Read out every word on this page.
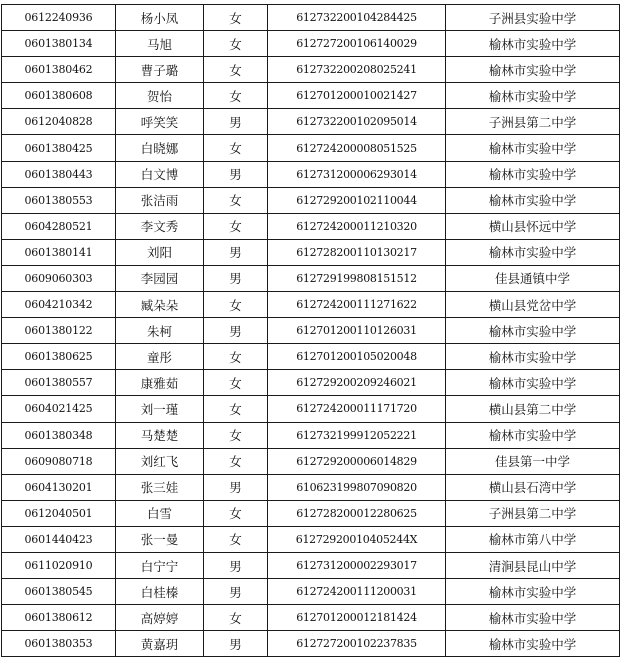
0612240936	杨小凤	女	612732200104284425	子洲县实验中学
0601380134	马旭	女	612727200106140029	榆林市实验中学
0601380462	曹子璐	女	612732200208025241	榆林市实验中学
0601380608	贺怡	女	612701200010021427	榆林市实验中学
0612040828	呼笑笑	男	612732200102095014	子洲县第二中学
0601380425	白晓娜	女	612724200008051525	榆林市实验中学
0601380443	白文博	男	612731200006293014	榆林市实验中学
0601380553	张洁雨	女	612729200102110044	榆林市实验中学
0604280521	李文秀	女	612724200011210320	横山县怀远中学
0601380141	刘阳	男	612728200110130217	榆林市实验中学
0609060303	李园园	男	612729199808151512	佳县通镇中学
0604210342	臧朵朵	女	612724200111271622	横山县党岔中学
0601380122	朱柯	男	612701200110126031	榆林市实验中学
0601380625	童彤	女	612701200105020048	榆林市实验中学
0601380557	康雅茹	女	612729200209246021	榆林市实验中学
0604021425	刘一瑾	女	612724200011171720	横山县第二中学
0601380348	马楚楚	女	612732199912052221	榆林市实验中学
0609080718	刘红飞	女	612729200006014829	佳县第一中学
0604130201	张三娃	男	610623199807090820	横山县石湾中学
0612040501	白雪	女	612728200012280625	子洲县第二中学
0601440423	张一曼	女	61272920010405244X	榆林市第八中学
0611020910	白宁宁	男	612731200002293017	清涧县昆山中学
0601380545	白桂榛	男	612724200111200031	榆林市实验中学
0601380612	高婷婷	女	612701200012181424	榆林市实验中学
0601380353	黄嘉玥	男	612727200102237835	榆林市实验中学
